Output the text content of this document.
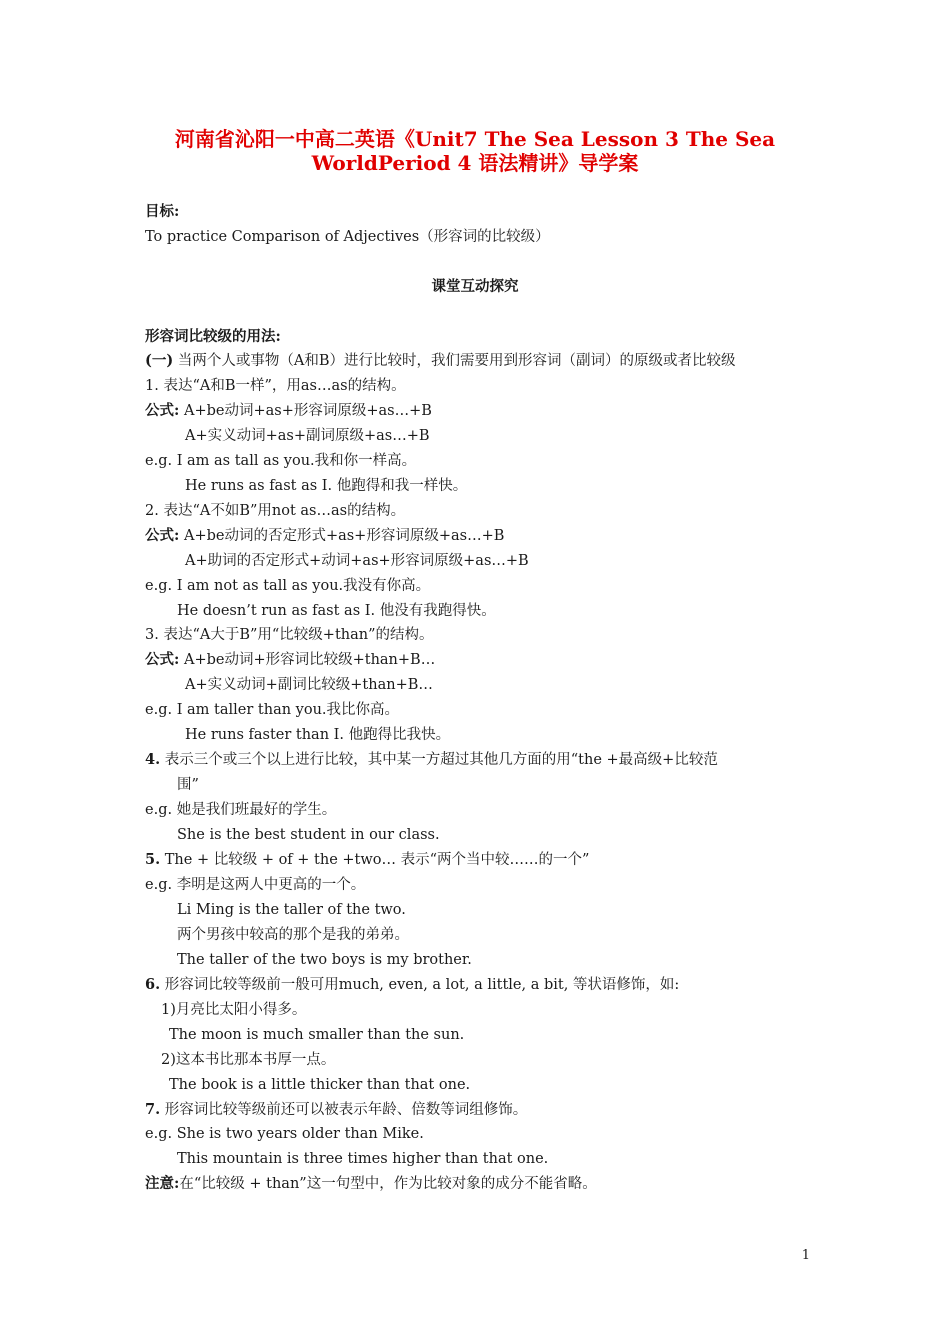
河南省沁阳一中高二英语《Unit7 The Sea Lesson 3 The Sea
WorldPeriod 4 语法精讲》导学案
目标:
To practice Comparison of Adjectives（形容词的比较级）
课堂互动探究
形容词比较级的用法:
(一) 当两个人或事物（A和B）进行比较时，我们需要用到形容词（副词）的原级或者比较级
1. 表达“A和B一样”，用as…as的结构。
公式: A+be动词+as+形容词原级+as…+B
A+实义动词+as+副词原级+as…+B
e.g. I am as tall as you.我和你一样高。
He runs as fast as I. 他跑得和我一样快。
2. 表达“A不如B”用not as…as的结构。
公式: A+be动词的否定形式+as+形容词原级+as…+B
A+助词的否定形式+动词+as+形容词原级+as…+B
e.g. I am not as tall as you.我没有你高。
He doesn’t run as fast as I. 他没有我跑得快。
3. 表达“A大于B”用“比较级+than”的结构。
公式: A+be动词+形容词比较级+than+B…
A+实义动词+副词比较级+than+B…
e.g. I am taller than you.我比你高。
He runs faster than I. 他跑得比我快。
4. 表示三个或三个以上进行比较，其中某一方超过其他几方面的用“the +最高级+比较范
围”
e.g. 她是我们班最好的学生。
She is the best student in our class.
5. The + 比较级 + of + the +two… 表示“两个当中较……的一个”
e.g. 李明是这两人中更高的一个。
Li Ming is the taller of the two.
两个男孩中较高的那个是我的弟弟。
The taller of the two boys is my brother.
6. 形容词比较等级前一般可用much, even, a lot, a little, a bit, 等状语修饰，如:
1)月亮比太阳小得多。
The moon is much smaller than the sun.
2)这本书比那本书厚一点。
The book is a little thicker than that one.
7. 形容词比较等级前还可以被表示年龄、倍数等词组修饰。
e.g. She is two years older than Mike.
This mountain is three times higher than that one.
注意:在“比较级 + than”这一句型中，作为比较对象的成分不能省略。
1
